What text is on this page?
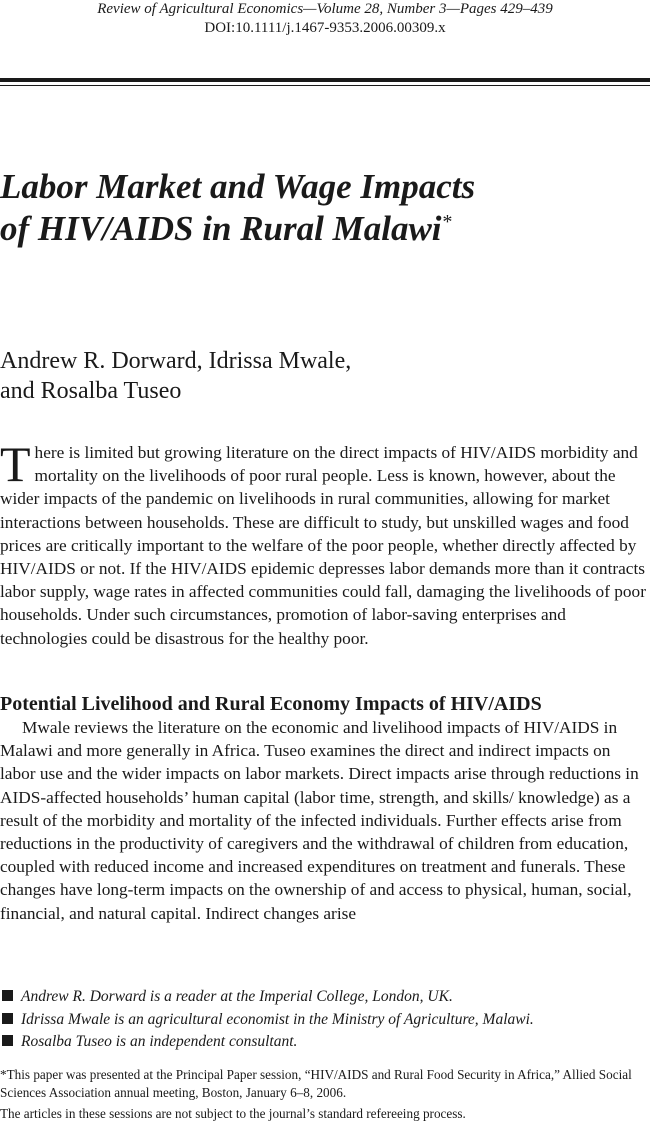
Review of Agricultural Economics—Volume 28, Number 3—Pages 429–439
DOI:10.1111/j.1467-9353.2006.00309.x
Labor Market and Wage Impacts
of HIV/AIDS in Rural Malawi*
Andrew R. Dorward, Idrissa Mwale,
and Rosalba Tuseo

There is limited but growing literature on the direct impacts of HIV/AIDS morbidity and mortality on the livelihoods of poor rural people. Less is known, however, about the wider impacts of the pandemic on livelihoods in rural communities, allowing for market interactions between households. These are difficult to study, but unskilled wages and food prices are critically important to the welfare of the poor people, whether directly affected by HIV/AIDS or not. If the HIV/AIDS epidemic depresses labor demands more than it contracts labor supply, wage rates in affected communities could fall, damaging the livelihoods of poor households. Under such circumstances, promotion of labor-saving enterprises and technologies could be disastrous for the healthy poor.

Potential Livelihood and Rural Economy Impacts of HIV/AIDS

Mwale reviews the literature on the economic and livelihood impacts of HIV/AIDS in Malawi and more generally in Africa. Tuseo examines the direct and indirect impacts on labor use and the wider impacts on labor markets. Direct impacts arise through reductions in AIDS-affected households’ human capital (labor time, strength, and skills/ knowledge) as a result of the morbidity and mortality of the infected individuals. Further effects arise from reductions in the productivity of caregivers and the withdrawal of children from education, coupled with reduced income and increased expenditures on treatment and funerals. These changes have long-term impacts on the ownership of and access to physical, human, social, financial, and natural capital. Indirect changes arise

Andrew R. Dorward is a reader at the Imperial College, London, UK.
Idrissa Mwale is an agricultural economist in the Ministry of Agriculture, Malawi.
Rosalba Tuseo is an independent consultant.
*This paper was presented at the Principal Paper session, “HIV/AIDS and Rural Food Security in Africa,” Allied Social Sciences Association annual meeting, Boston, January 6–8, 2006.
The articles in these sessions are not subject to the journal’s standard refereeing process.
